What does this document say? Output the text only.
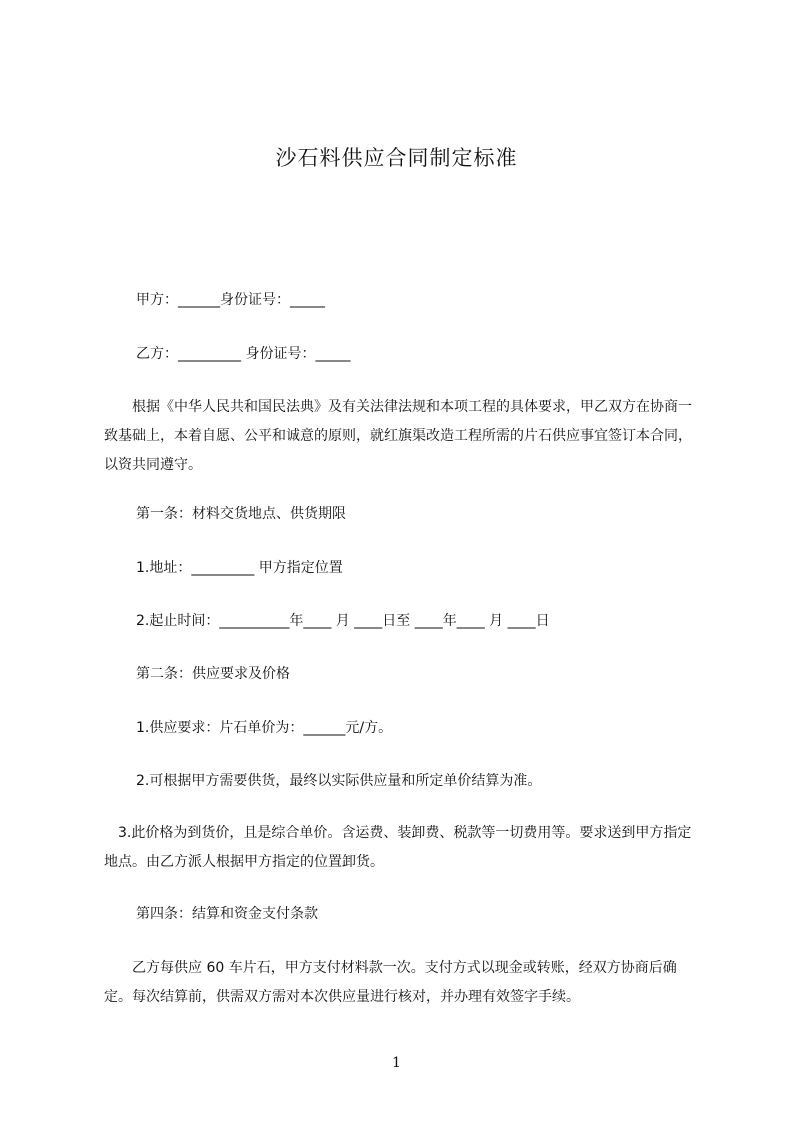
沙石料供应合同制定标准
甲方：______身份证号：_____
乙方：_________ 身份证号：_____
　　根据《中华人民共和国民法典》及有关法律法规和本项工程的具体要求，甲乙双方在协商一致基础上，本着自愿、公平和诚意的原则，就红旗渠改造工程所需的片石供应事宜签订本合同，以资共同遵守。
第一条：材料交货地点、供货期限
1.地址：_________ 甲方指定位置
2.起止时间：__________年____ 月 ____日至 ____年____ 月 ____日
第二条：供应要求及价格
1.供应要求：片石单价为：______元/方。
2.可根据甲方需要供货，最终以实际供应量和所定单价结算为准。
　3.此价格为到货价，且是综合单价。含运费、装卸费、税款等一切费用等。要求送到甲方指定地点。由乙方派人根据甲方指定的位置卸货。
第四条：结算和资金支付条款
　　乙方每供应 60 车片石，甲方支付材料款一次。支付方式以现金或转账，经双方协商后确定。每次结算前，供需双方需对本次供应量进行核对，并办理有效签字手续。
1
